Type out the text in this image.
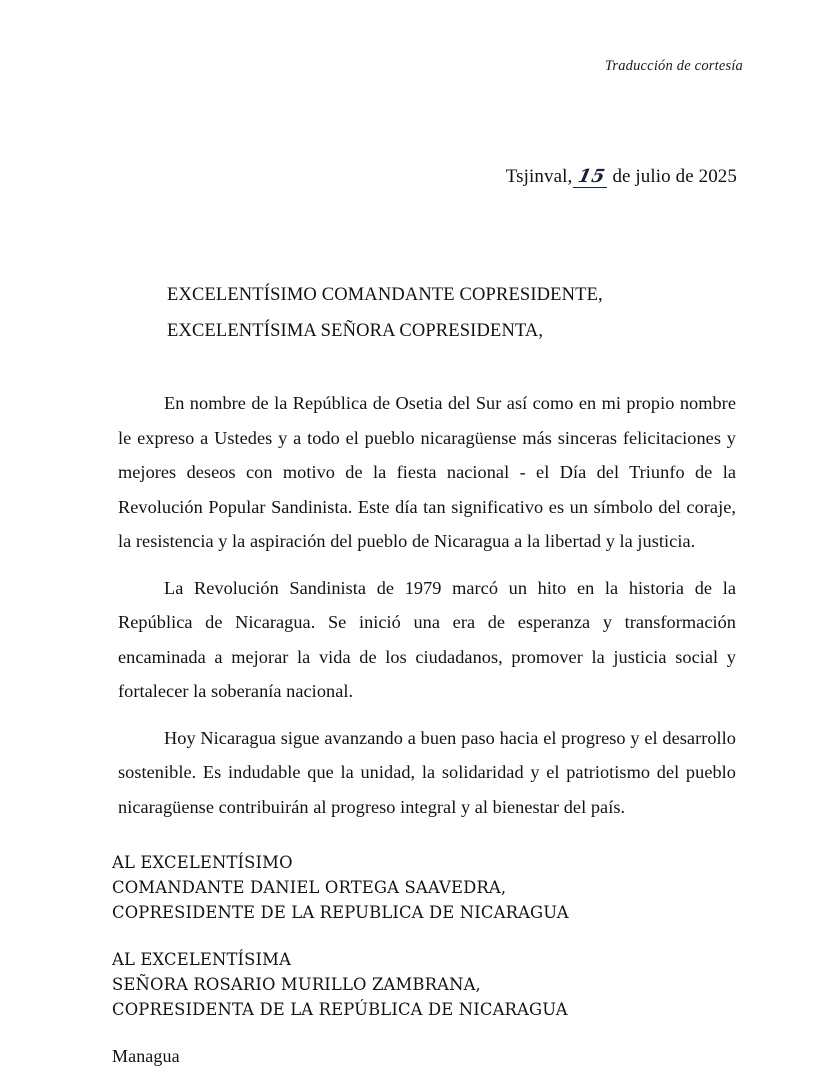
Traducción de cortesía
Tsjinval, 15 de julio de 2025
EXCELENTÍSIMO COMANDANTE COPRESIDENTE,
EXCELENTÍSIMA SEÑORA COPRESIDENTA,

En nombre de la República de Osetia del Sur así como en mi propio nombre le expreso a Ustedes y a todo el pueblo nicaragüense más sinceras felicitaciones y mejores deseos con motivo de la fiesta nacional - el Día del Triunfo de la Revolución Popular Sandinista. Este día tan significativo es un símbolo del coraje, la resistencia y la aspiración del pueblo de Nicaragua a la libertad y la justicia.

La Revolución Sandinista de 1979 marcó un hito en la historia de la República de Nicaragua. Se inició una era de esperanza y transformación encaminada a mejorar la vida de los ciudadanos, promover la justicia social y fortalecer la soberanía nacional.

Hoy Nicaragua sigue avanzando a buen paso hacia el progreso y el desarrollo sostenible. Es indudable que la unidad, la solidaridad y el patriotismo del pueblo nicaragüense contribuirán al progreso integral y al bienestar del país.

AL EXCELENTÍSIMO
COMANDANTE DANIEL ORTEGA SAAVEDRA,
COPRESIDENTE DE LA REPUBLICA DE NICARAGUA
AL EXCELENTÍSIMA
SEÑORA ROSARIO MURILLO ZAMBRANA,
COPRESIDENTA DE LA REPÚBLICA DE NICARAGUA
Managua
